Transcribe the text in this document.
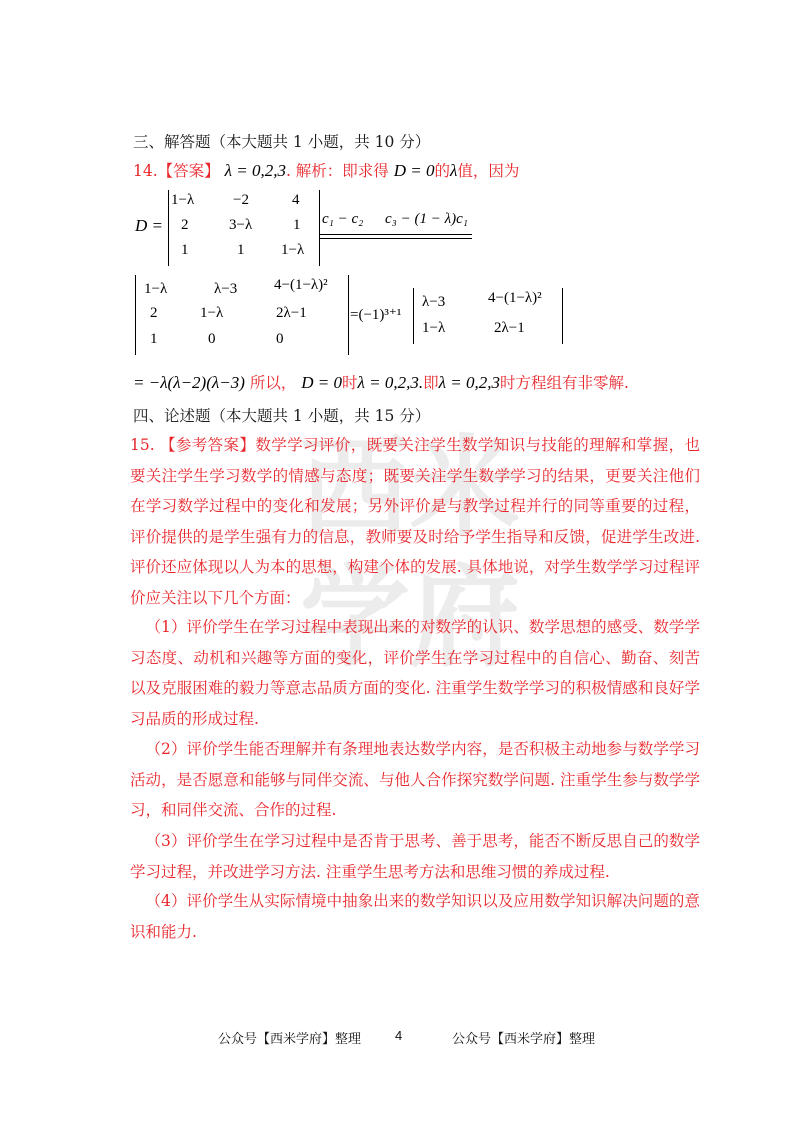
西 米
学 府
三、解答题（本大题共 1 小题，共 10 分）
14.【答案】 λ = 0,2,3. 解析：即求得 D = 0的λ值，因为
D =
1−λ	−2	4
2	3−λ	1
1	1 1−λ
c₁ − c₂ c₃ − (1 − λ)c₁
1−λ	λ−3 4−(1−λ)²
2	1−λ	2λ−1
1	0	0
=(−1)³⁺¹
λ−3	4−(1−λ)²
1−λ	2λ−1
= −λ(λ−2)(λ−3) 所以， D = 0时λ = 0,2,3.即λ = 0,2,3时方程组有非零解.
四、论述题（本大题共 1 小题，共 15 分）
15. 【参考答案】数学学习评价，既要关注学生数学知识与技能的理解和掌握，也要关注学生学习数学的情感与态度；既要关注学生数学学习的结果，更要关注他们在学习数学过程中的变化和发展；另外评价是与教学过程并行的同等重要的过程，评价提供的是学生强有力的信息，教师要及时给予学生指导和反馈，促进学生改进. 评价还应体现以人为本的思想，构建个体的发展. 具体地说，对学生数学学习过程评价应关注以下几个方面：
（1）评价学生在学习过程中表现出来的对数学的认识、数学思想的感受、数学学习态度、动机和兴趣等方面的变化，评价学生在学习过程中的自信心、勤奋、刻苦以及克服困难的毅力等意志品质方面的变化. 注重学生数学学习的积极情感和良好学习品质的形成过程.
（2）评价学生能否理解并有条理地表达数学内容，是否积极主动地参与数学学习活动，是否愿意和能够与同伴交流、与他人合作探究数学问题. 注重学生参与数学学习，和同伴交流、合作的过程.
（3）评价学生在学习过程中是否肯于思考、善于思考，能否不断反思自己的数学学习过程，并改进学习方法. 注重学生思考方法和思维习惯的养成过程.
（4）评价学生从实际情境中抽象出来的数学知识以及应用数学知识解决问题的意识和能力.
公众号【西米学府】整理	4	公众号【西米学府】整理
